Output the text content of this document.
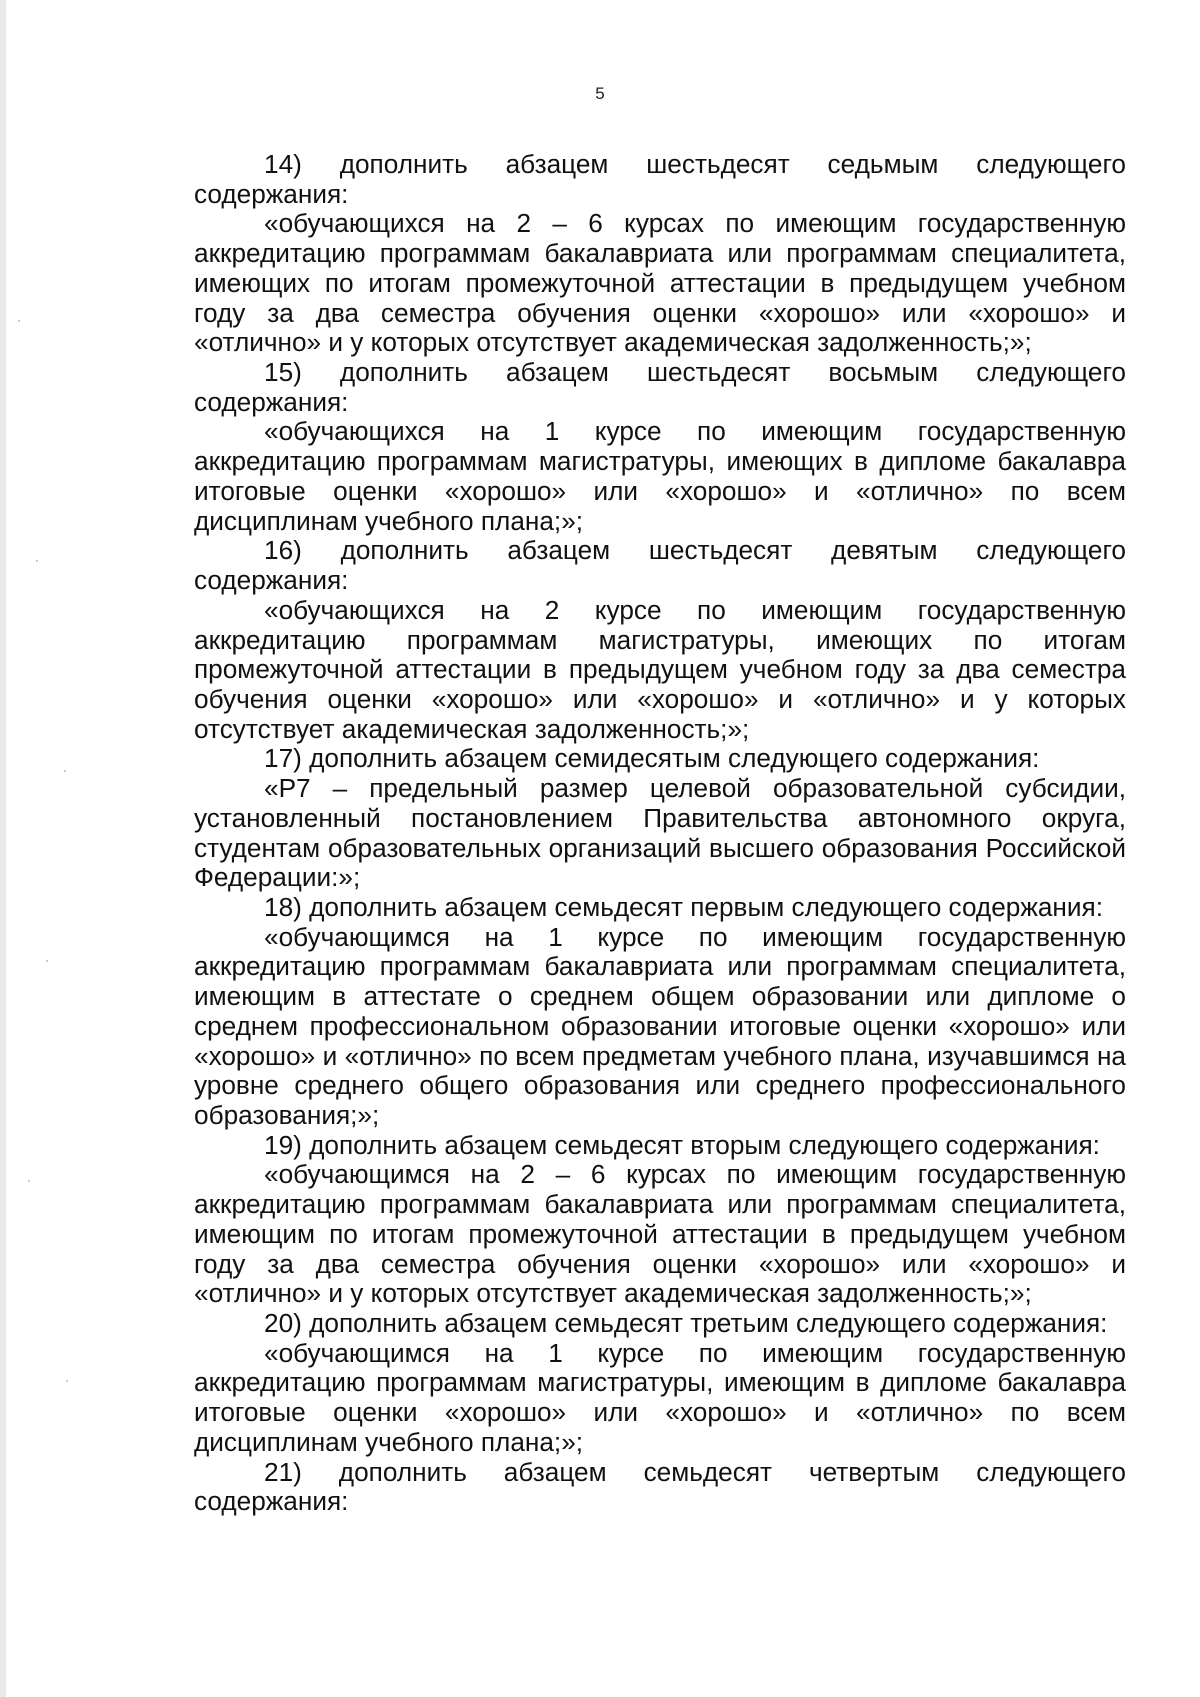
5

14) дополнить абзацем шестьдесят седьмым следующего содержания:

«обучающихся на 2 – 6 курсах по имеющим государственную аккредитацию программам бакалавриата или программам специалитета, имеющих по итогам промежуточной аттестации в предыдущем учебном году за два семестра обучения оценки «хорошо» или «хорошо» и «отлично» и у которых отсутствует академическая задолженность;»;

15) дополнить абзацем шестьдесят восьмым следующего содержания:

«обучающихся на 1 курсе по имеющим государственную аккредитацию программам магистратуры, имеющих в дипломе бакалавра итоговые оценки «хорошо» или «хорошо» и «отлично» по всем дисциплинам учебного плана;»;

16) дополнить абзацем шестьдесят девятым следующего содержания:

«обучающихся на 2 курсе по имеющим государственную аккредитацию программам магистратуры, имеющих по итогам промежуточной аттестации в предыдущем учебном году за два семестра обучения оценки «хорошо» или «хорошо» и «отлично» и у которых отсутствует академическая задолженность;»;

17) дополнить абзацем семидесятым следующего содержания:

«Р7 – предельный размер целевой образовательной субсидии, установленный постановлением Правительства автономного округа, студентам образовательных организаций высшего образования Российской Федерации:»;

18) дополнить абзацем семьдесят первым следующего содержания:

«обучающимся на 1 курсе по имеющим государственную аккредитацию программам бакалавриата или программам специалитета, имеющим в аттестате о среднем общем образовании или дипломе о среднем профессиональном образовании итоговые оценки «хорошо» или «хорошо» и «отлично» по всем предметам учебного плана, изучавшимся на уровне среднего общего образования или среднего профессионального образования;»;

19) дополнить абзацем семьдесят вторым следующего содержания:

«обучающимся на 2 – 6 курсах по имеющим государственную аккредитацию программам бакалавриата или программам специалитета, имеющим по итогам промежуточной аттестации в предыдущем учебном году за два семестра обучения оценки «хорошо» или «хорошо» и «отлично» и у которых отсутствует академическая задолженность;»;

20) дополнить абзацем семьдесят третьим следующего содержания:

«обучающимся на 1 курсе по имеющим государственную аккредитацию программам магистратуры, имеющим в дипломе бакалавра итоговые оценки «хорошо» или «хорошо» и «отлично» по всем дисциплинам учебного плана;»;

21) дополнить абзацем семьдесят четвертым следующего содержания:
